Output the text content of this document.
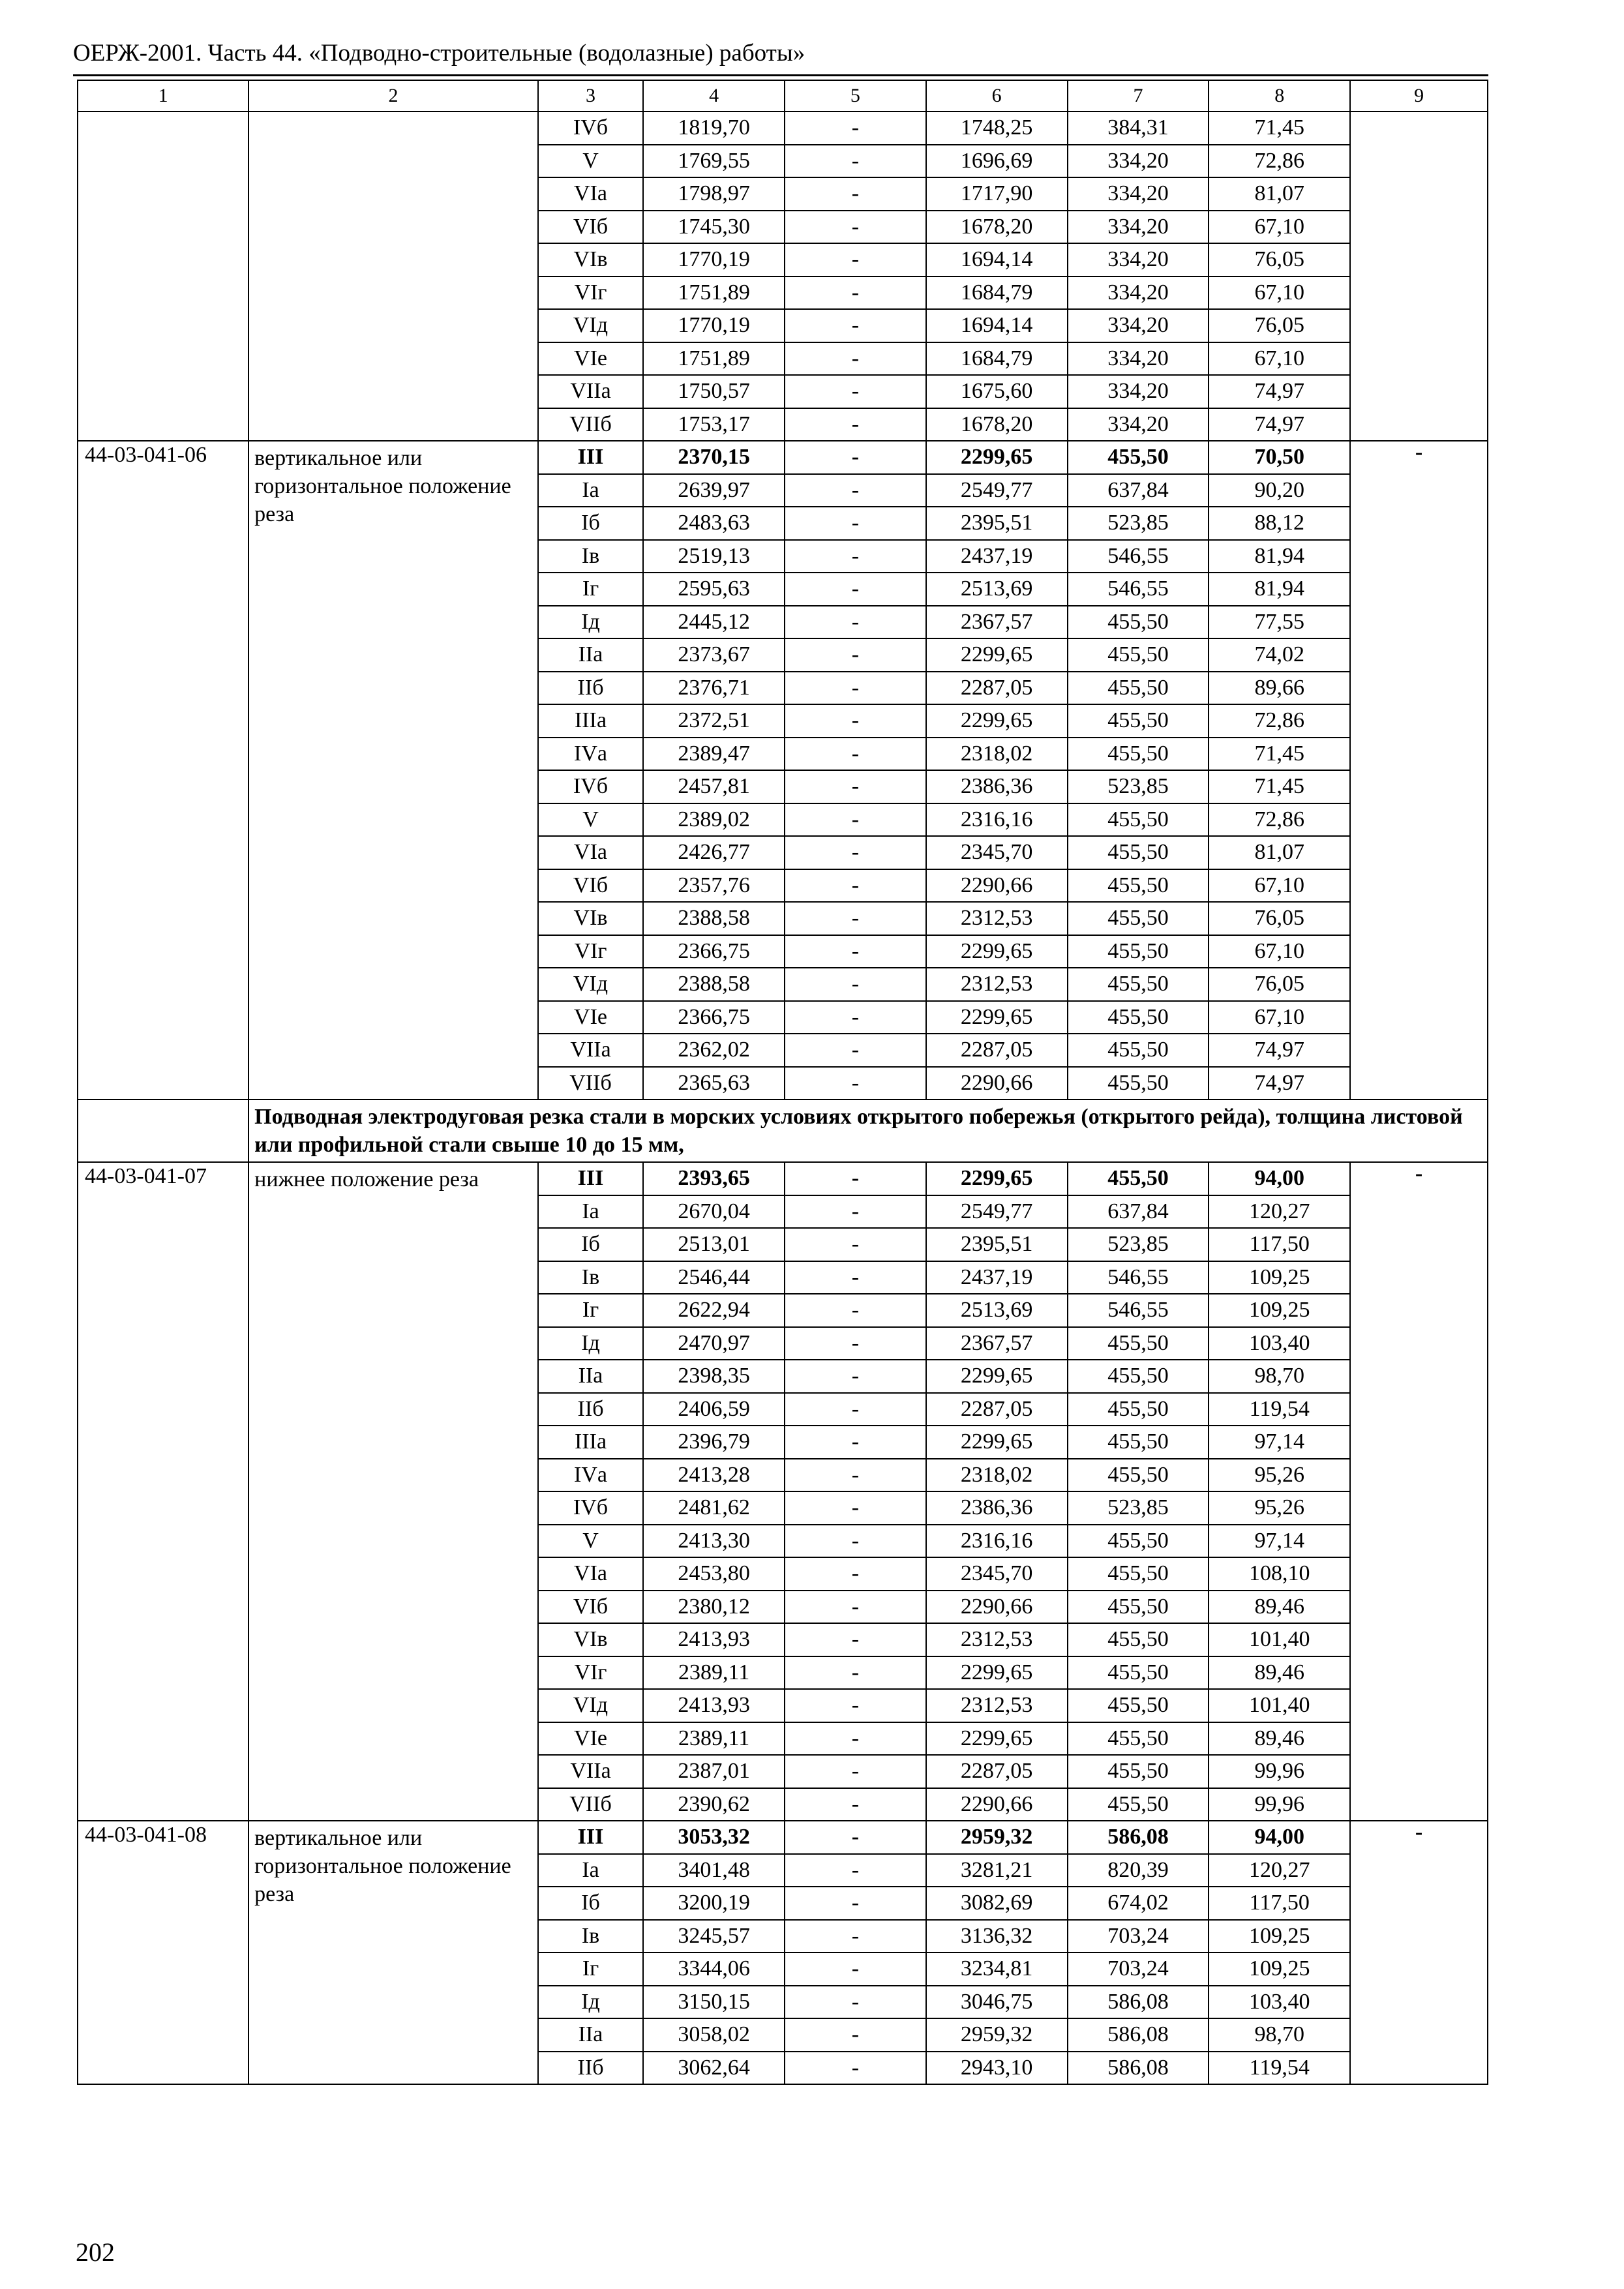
ОЕРЖ-2001. Часть 44. «Подводно-строительные (водолазные) работы»
1	2	3	4	5	6	7	8	9
		IVб	1819,70	-	1748,25	384,31	71,45	
		V	1769,55	-	1696,69	334,20	72,86	
		VIа	1798,97	-	1717,90	334,20	81,07	
		VIб	1745,30	-	1678,20	334,20	67,10	
		VIв	1770,19	-	1694,14	334,20	76,05	
		VIг	1751,89	-	1684,79	334,20	67,10	
		VIд	1770,19	-	1694,14	334,20	76,05	
		VIе	1751,89	-	1684,79	334,20	67,10	
		VIIа	1750,57	-	1675,60	334,20	74,97	
		VIIб	1753,17	-	1678,20	334,20	74,97	
44-03-041-06	вертикальное или горизонтальное положение реза	III	2370,15	-	2299,65	455,50	70,50	-
		Iа	2639,97	-	2549,77	637,84	90,20	
		Iб	2483,63	-	2395,51	523,85	88,12	
		Iв	2519,13	-	2437,19	546,55	81,94	
		Iг	2595,63	-	2513,69	546,55	81,94	
		Iд	2445,12	-	2367,57	455,50	77,55	
		IIа	2373,67	-	2299,65	455,50	74,02	
		IIб	2376,71	-	2287,05	455,50	89,66	
		IIIа	2372,51	-	2299,65	455,50	72,86	
		IVа	2389,47	-	2318,02	455,50	71,45	
		IVб	2457,81	-	2386,36	523,85	71,45	
		V	2389,02	-	2316,16	455,50	72,86	
		VIа	2426,77	-	2345,70	455,50	81,07	
		VIб	2357,76	-	2290,66	455,50	67,10	
		VIв	2388,58	-	2312,53	455,50	76,05	
		VIг	2366,75	-	2299,65	455,50	67,10	
		VIд	2388,58	-	2312,53	455,50	76,05	
		VIе	2366,75	-	2299,65	455,50	67,10	
		VIIа	2362,02	-	2287,05	455,50	74,97	
		VIIб	2365,63	-	2290,66	455,50	74,97	
	Подводная электродуговая резка стали в морских условиях открытого побережья (открытого рейда), толщина листовой или профильной стали свыше 10 до 15 мм,							
44-03-041-07	нижнее положение реза	III	2393,65	-	2299,65	455,50	94,00	-
		Iа	2670,04	-	2549,77	637,84	120,27	
		Iб	2513,01	-	2395,51	523,85	117,50	
		Iв	2546,44	-	2437,19	546,55	109,25	
		Iг	2622,94	-	2513,69	546,55	109,25	
		Iд	2470,97	-	2367,57	455,50	103,40	
		IIа	2398,35	-	2299,65	455,50	98,70	
		IIб	2406,59	-	2287,05	455,50	119,54	
		IIIа	2396,79	-	2299,65	455,50	97,14	
		IVа	2413,28	-	2318,02	455,50	95,26	
		IVб	2481,62	-	2386,36	523,85	95,26	
		V	2413,30	-	2316,16	455,50	97,14	
		VIа	2453,80	-	2345,70	455,50	108,10	
		VIб	2380,12	-	2290,66	455,50	89,46	
		VIв	2413,93	-	2312,53	455,50	101,40	
		VIг	2389,11	-	2299,65	455,50	89,46	
		VIд	2413,93	-	2312,53	455,50	101,40	
		VIе	2389,11	-	2299,65	455,50	89,46	
		VIIа	2387,01	-	2287,05	455,50	99,96	
		VIIб	2390,62	-	2290,66	455,50	99,96	
44-03-041-08	вертикальное или горизонтальное положение реза	III	3053,32	-	2959,32	586,08	94,00	-
		Iа	3401,48	-	3281,21	820,39	120,27	
		Iб	3200,19	-	3082,69	674,02	117,50	
		Iв	3245,57	-	3136,32	703,24	109,25	
		Iг	3344,06	-	3234,81	703,24	109,25	
		Iд	3150,15	-	3046,75	586,08	103,40	
		IIа	3058,02	-	2959,32	586,08	98,70	
		IIб	3062,64	-	2943,10	586,08	119,54	
202
